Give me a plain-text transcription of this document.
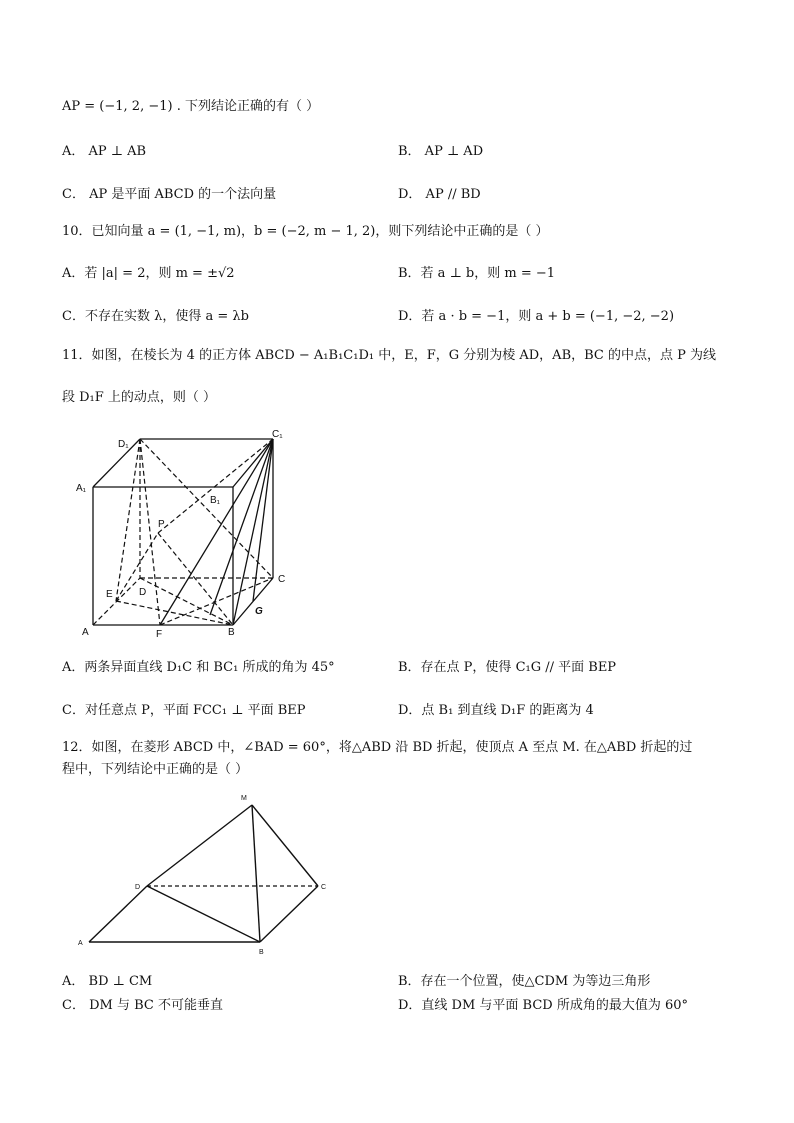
AP = (−1, 2, −1) . 下列结论正确的有（ ）
A． AP ⊥ AB	B． AP ⊥ AD
C． AP 是平面 ABCD 的一个法向量	D． AP // BD
10．已知向量 a = (1, −1, m)，b = (−2, m − 1, 2)，则下列结论中正确的是（ ）
A．若 |a| = 2，则 m = ±√2	B．若 a ⊥ b，则 m = −1
C．不存在实数 λ，使得 a = λb	D．若 a · b = −1，则 a + b = (−1, −2, −2)
11．如图，在棱长为 4 的正方体 ABCD − A₁B₁C₁D₁ 中，E，F，G 分别为棱 AD，AB，BC 的中点，点 P 为线
段 D₁F 上的动点，则（ ）
D₁
C₁
A₁
B₁
P
C
D
E
A	F	B
G
A．两条异面直线 D₁C 和 BC₁ 所成的角为 45°	B．存在点 P，使得 C₁G // 平面 BEP
C．对任意点 P，平面 FCC₁ ⊥ 平面 BEP	D．点 B₁ 到直线 D₁F 的距离为 4
12．如图，在菱形 ABCD 中，∠BAD = 60°，将△ABD 沿 BD 折起，使顶点 A 至点 M. 在△ABD 折起的过
程中，下列结论中正确的是（ ）
M
D	C
A
B
A． BD ⊥ CM	B．存在一个位置，使△CDM 为等边三角形
C． DM 与 BC 不可能垂直	D．直线 DM 与平面 BCD 所成角的最大值为 60°
